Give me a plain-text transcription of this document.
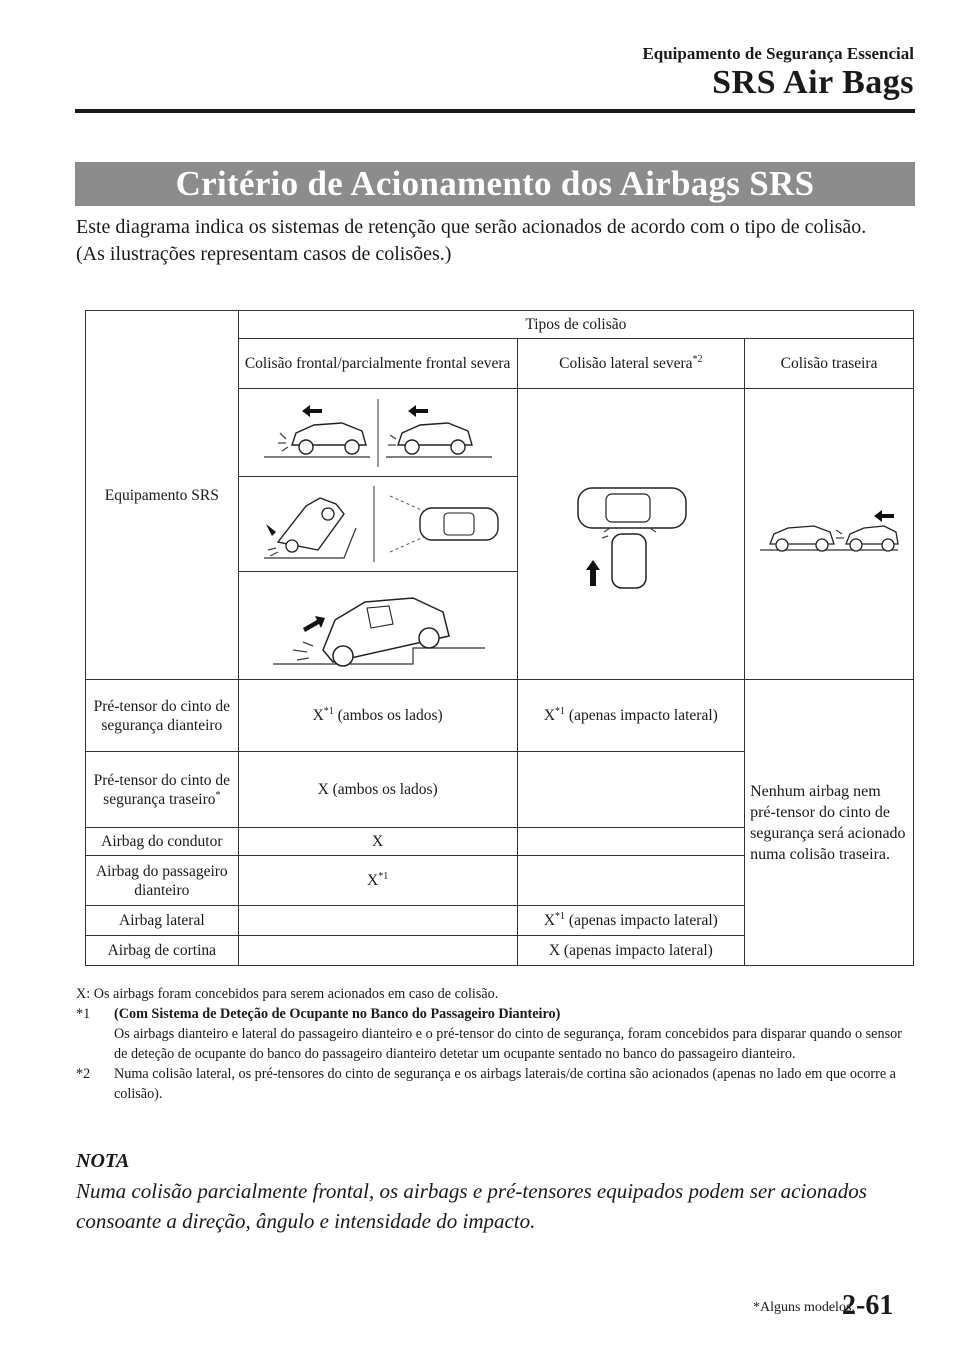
Equipamento de Segurança Essencial
SRS Air Bags
Critério de Acionamento dos Airbags SRS

Este diagrama indica os sistemas de retenção que serão acionados de acordo com o tipo de colisão.

(As ilustrações representam casos de colisões.)

Equipamento SRS	Tipos de colisão		
	Colisão frontal/parcialmente frontal severa	Colisão lateral severa$^{*2}$	Colisão traseira

Pré-tensor do cinto de segurança dianteiro	$X^{*1}$ (ambos os lados)	$X^{*1}$ (apenas impacto lateral)	Nenhum airbag nem pré-tensor do cinto de segurança será acionado numa colisão traseira.
Pré-tensor do cinto de segurança traseiro*	X (ambos os lados)		
Airbag do condutor	X		
Airbag do passageiro dianteiro	$X^{*1}$	
Airbag lateral		$X^{*1}$ (apenas impacto lateral)	
Airbag de cortina		X (apenas impacto lateral)	
X: Os airbags foram concebidos para serem acionados em caso de colisão.
*1	(Com Sistema de Deteção de Ocupante no Banco do Passageiro Dianteiro)
Os airbags dianteiro e lateral do passageiro dianteiro e o pré-tensor do cinto de segurança, foram concebidos para disparar quando o sensor de deteção de ocupante do banco do passageiro dianteiro detetar um ocupante sentado no banco do passageiro dianteiro.
*2	Numa colisão lateral, os pré-tensores do cinto de segurança e os airbags laterais/de cortina são acionados (apenas no lado em que ocorre a colisão).
NOTA
Numa colisão parcialmente frontal, os airbags e pré-tensores equipados podem ser acionados consoante a direção, ângulo e intensidade do impacto.
*Alguns modelos.
2-61
